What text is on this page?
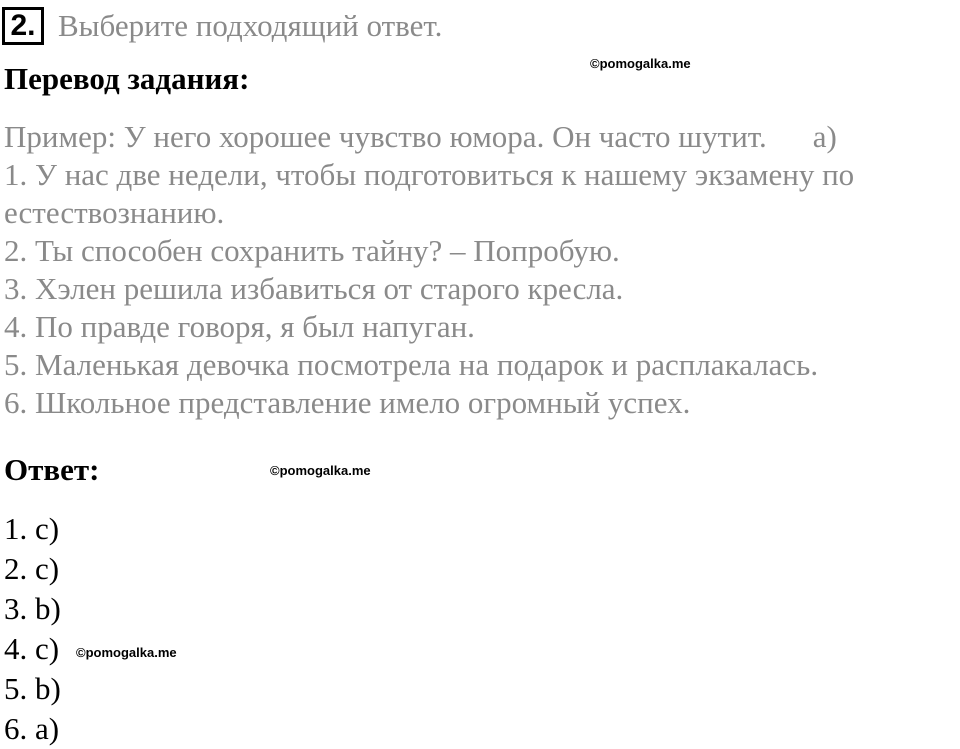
2. Выберите подходящий ответ.
Перевод задания:	©pomogalka.me
Пример: У него хорошее чувство юмора. Он часто шутит. а)
1. У нас две недели, чтобы подготовиться к нашему экзамену по естествознанию.
2. Ты способен сохранить тайну? – Попробую.
3. Хэлен решила избавиться от старого кресла.
4. По правде говоря, я был напуган.
5. Маленькая девочка посмотрела на подарок и расплакалась.
6. Школьное представление имело огромный успех.
Ответ:	©pomogalka.me
1. c)
2. c)
3. b)
4. c)
5. b)
6. a)
©pomogalka.me
